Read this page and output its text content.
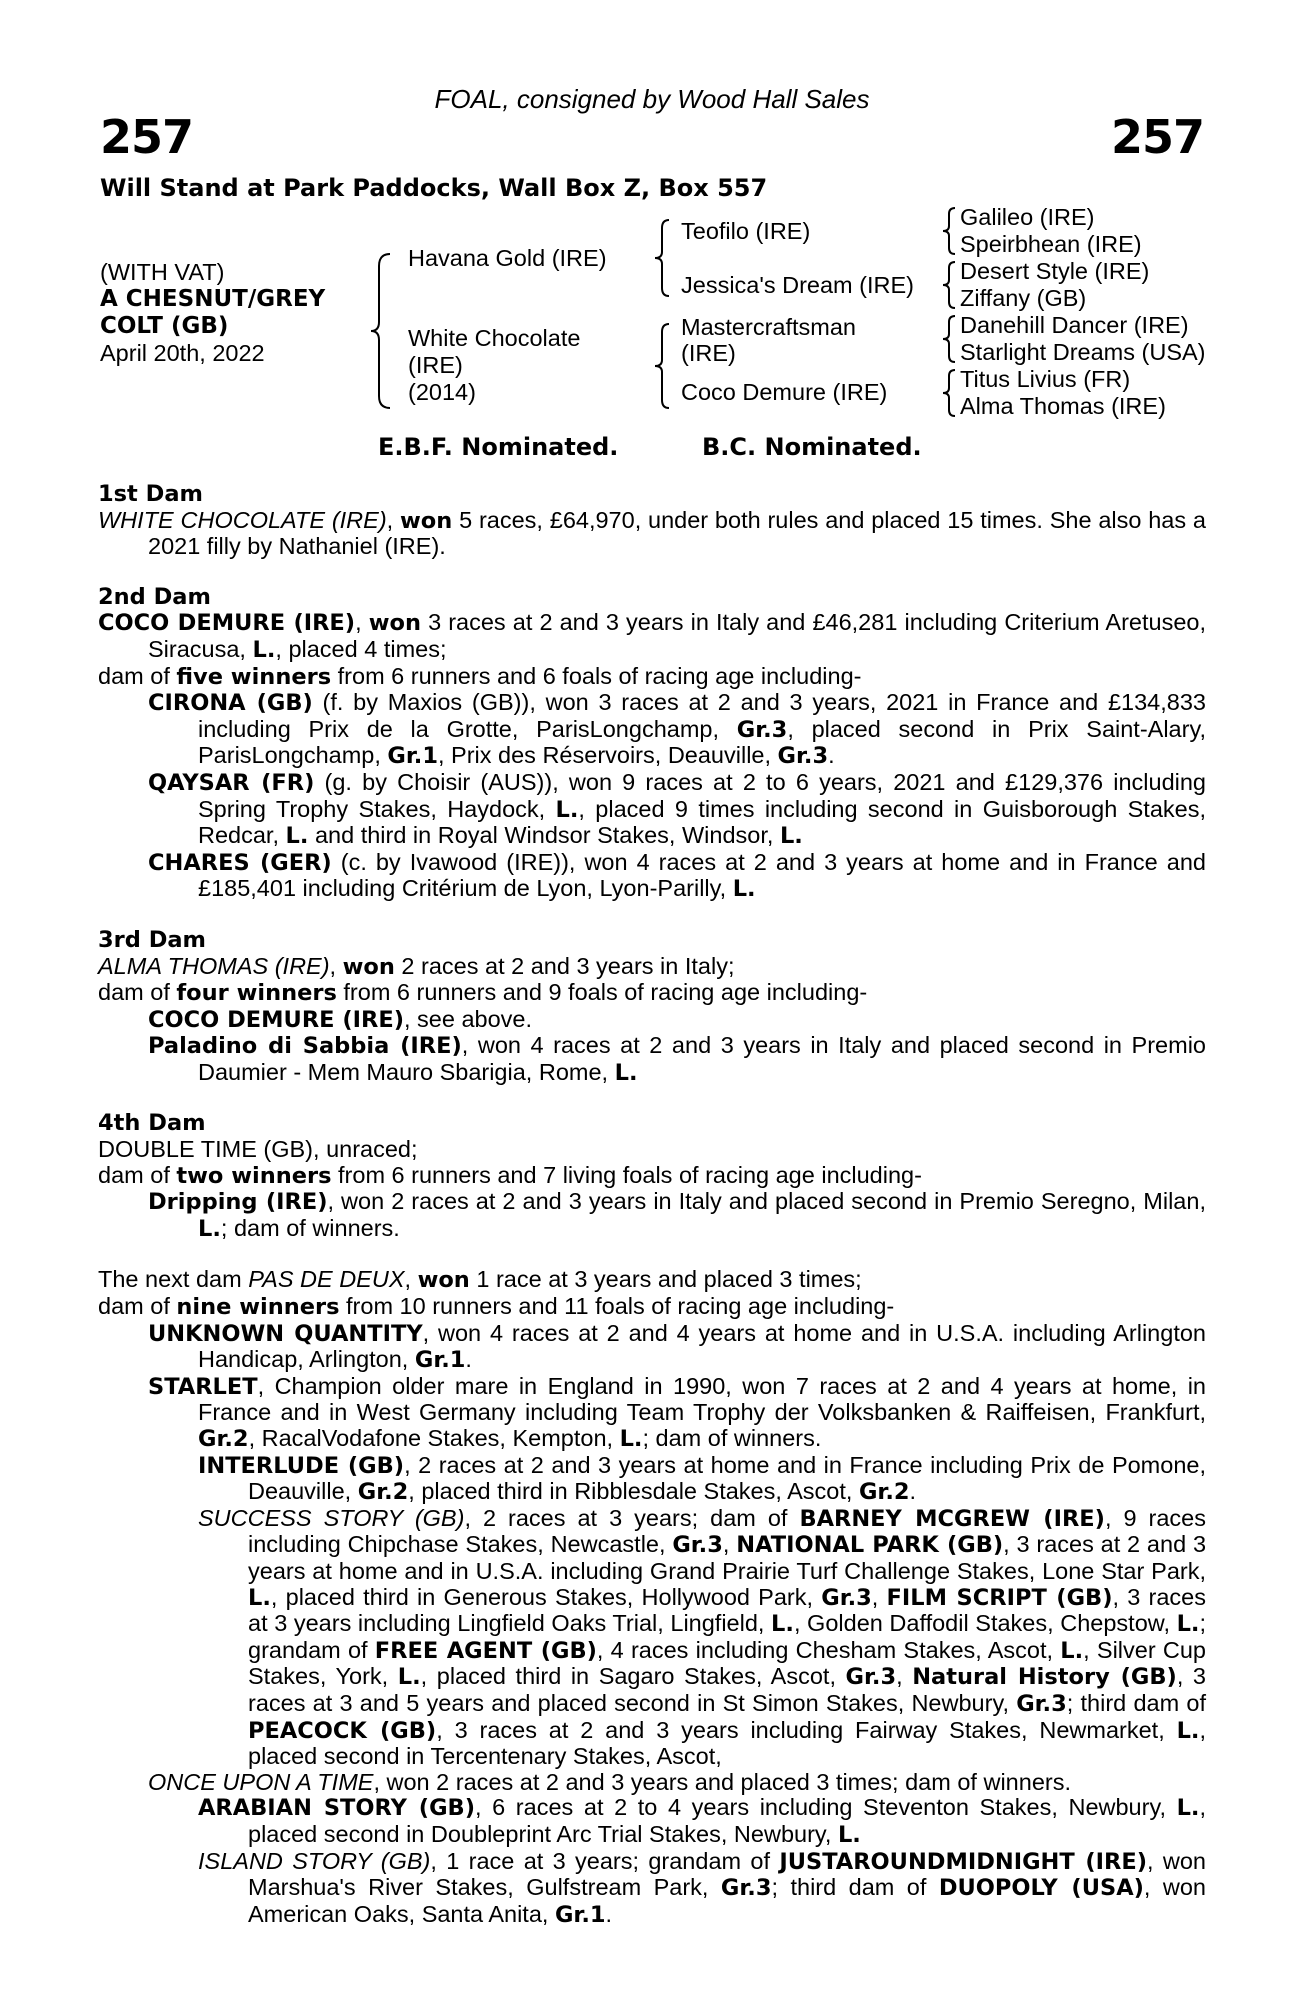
FOAL, consigned by Wood Hall Sales
257	257
Will Stand at Park Paddocks, Wall Box Z, Box 557
(WITH VAT)
A CHESNUT/GREY
COLT (GB)
April 20th, 2022
Havana Gold (IRE)
White Chocolate
(IRE)
(2014)
Teofilo (IRE)
Jessica's Dream (IRE)
Mastercraftsman
(IRE)
Coco Demure (IRE)
Galileo (IRE)
Speirbhean (IRE)
Desert Style (IRE)
Ziffany (GB)
Danehill Dancer (IRE)
Starlight Dreams (USA)
Titus Livius (FR)
Alma Thomas (IRE)
E.B.F. Nominated.	B.C. Nominated.
1st Dam

WHITE CHOCOLATE (IRE), won 5 races, £64,970, under both rules and placed 15 times. She also has a 2021 filly by Nathaniel (IRE).

2nd Dam

COCO DEMURE (IRE), won 3 races at 2 and 3 years in Italy and £46,281 including Criterium Aretuseo, Siracusa, L., placed 4 times;

dam of five winners from 6 runners and 6 foals of racing age including-

CIRONA (GB) (f. by Maxios (GB)), won 3 races at 2 and 3 years, 2021 in France and £134,833 including Prix de la Grotte, ParisLongchamp, Gr.3, placed second in Prix Saint-Alary, ParisLongchamp, Gr.1, Prix des Réservoirs, Deauville, Gr.3.

QAYSAR (FR) (g. by Choisir (AUS)), won 9 races at 2 to 6 years, 2021 and £129,376 including Spring Trophy Stakes, Haydock, L., placed 9 times including second in Guisborough Stakes, Redcar, L. and third in Royal Windsor Stakes, Windsor, L.

CHARES (GER) (c. by Ivawood (IRE)), won 4 races at 2 and 3 years at home and in France and £185,401 including Critérium de Lyon, Lyon-Parilly, L.

3rd Dam

ALMA THOMAS (IRE), won 2 races at 2 and 3 years in Italy;

dam of four winners from 6 runners and 9 foals of racing age including-

COCO DEMURE (IRE), see above.

Paladino di Sabbia (IRE), won 4 races at 2 and 3 years in Italy and placed second in Premio Daumier - Mem Mauro Sbarigia, Rome, L.

4th Dam

DOUBLE TIME (GB), unraced;

dam of two winners from 6 runners and 7 living foals of racing age including-

Dripping (IRE), won 2 races at 2 and 3 years in Italy and placed second in Premio Seregno, Milan, L.; dam of winners.

The next dam PAS DE DEUX, won 1 race at 3 years and placed 3 times;

dam of nine winners from 10 runners and 11 foals of racing age including-

UNKNOWN QUANTITY, won 4 races at 2 and 4 years at home and in U.S.A. including Arlington Handicap, Arlington, Gr.1.

STARLET, Champion older mare in England in 1990, won 7 races at 2 and 4 years at home, in France and in West Germany including Team Trophy der Volksbanken & Raiffeisen, Frankfurt, Gr.2, RacalVodafone Stakes, Kempton, L.; dam of winners.

INTERLUDE (GB), 2 races at 2 and 3 years at home and in France including Prix de Pomone, Deauville, Gr.2, placed third in Ribblesdale Stakes, Ascot, Gr.2.

SUCCESS STORY (GB), 2 races at 3 years; dam of BARNEY MCGREW (IRE), 9 races including Chipchase Stakes, Newcastle, Gr.3, NATIONAL PARK (GB), 3 races at 2 and 3 years at home and in U.S.A. including Grand Prairie Turf Challenge Stakes, Lone Star Park, L., placed third in Generous Stakes, Hollywood Park, Gr.3, FILM SCRIPT (GB), 3 races at 3 years including Lingfield Oaks Trial, Lingfield, L., Golden Daffodil Stakes, Chepstow, L.; grandam of FREE AGENT (GB), 4 races including Chesham Stakes, Ascot, L., Silver Cup Stakes, York, L., placed third in Sagaro Stakes, Ascot, Gr.3, Natural History (GB), 3 races at 3 and 5 years and placed second in St Simon Stakes, Newbury, Gr.3; third dam of PEACOCK (GB), 3 races at 2 and 3 years including Fairway Stakes, Newmarket, L., placed second in Tercentenary Stakes, Ascot,

ONCE UPON A TIME, won 2 races at 2 and 3 years and placed 3 times; dam of winners.

ARABIAN STORY (GB), 6 races at 2 to 4 years including Steventon Stakes, Newbury, L., placed second in Doubleprint Arc Trial Stakes, Newbury, L.

ISLAND STORY (GB), 1 race at 3 years; grandam of JUSTAROUNDMIDNIGHT (IRE), won Marshua's River Stakes, Gulfstream Park, Gr.3; third dam of DUOPOLY (USA), won American Oaks, Santa Anita, Gr.1.
